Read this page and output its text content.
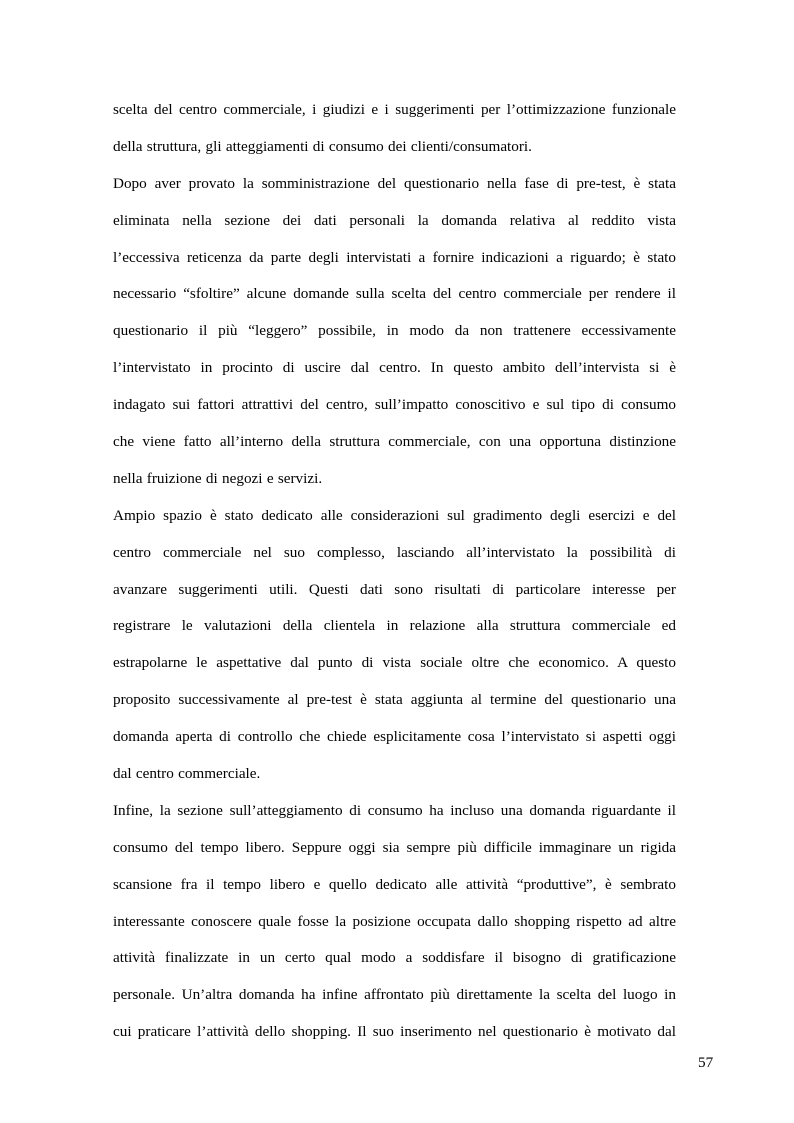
scelta del centro commerciale, i giudizi e i suggerimenti per l’ottimizzazione funzionale
della struttura, gli atteggiamenti di consumo dei clienti/consumatori.

Dopo aver provato la somministrazione del questionario nella fase di pre-test, è stata
eliminata nella sezione dei dati personali la domanda relativa al reddito vista
l’eccessiva reticenza da parte degli intervistati a fornire indicazioni a riguardo; è stato
necessario “sfoltire” alcune domande sulla scelta del centro commerciale per rendere il
questionario il più “leggero” possibile, in modo da non trattenere eccessivamente
l’intervistato in procinto di uscire dal centro. In questo ambito dell’intervista si è
indagato sui fattori attrattivi del centro, sull’impatto conoscitivo e sul tipo di consumo
che viene fatto all’interno della struttura commerciale, con una opportuna distinzione
nella fruizione di negozi e servizi.

Ampio spazio è stato dedicato alle considerazioni sul gradimento degli esercizi e del
centro commerciale nel suo complesso, lasciando all’intervistato la possibilità di
avanzare suggerimenti utili. Questi dati sono risultati di particolare interesse per
registrare le valutazioni della clientela in relazione alla struttura commerciale ed
estrapolarne le aspettative dal punto di vista sociale oltre che economico. A questo
proposito successivamente al pre-test è stata aggiunta al termine del questionario una
domanda aperta di controllo che chiede esplicitamente cosa l’intervistato si aspetti oggi
dal centro commerciale.

Infine, la sezione sull’atteggiamento di consumo ha incluso una domanda riguardante il
consumo del tempo libero. Seppure oggi sia sempre più difficile immaginare un rigida
scansione fra il tempo libero e quello dedicato alle attività “produttive”, è sembrato
interessante conoscere quale fosse la posizione occupata dallo shopping rispetto ad altre
attività finalizzate in un certo qual modo a soddisfare il bisogno di gratificazione
personale. Un’altra domanda ha infine affrontato più direttamente la scelta del luogo in
cui praticare l’attività dello shopping. Il suo inserimento nel questionario è motivato dal

57
